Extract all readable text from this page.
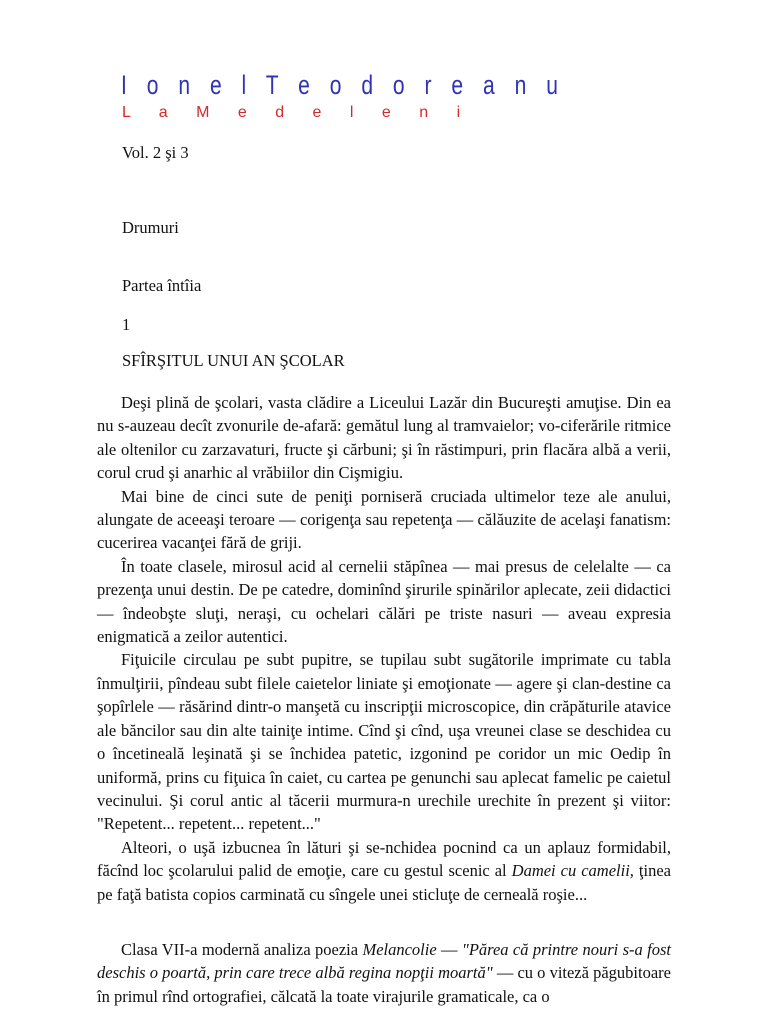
I o n e l T e o d o r e a n u
L a M e d e l e n i
Vol. 2 şi 3
Drumuri
Partea întîia
1
SFÎRŞITUL UNUI AN ŞCOLAR

Deşi plină de şcolari, vasta clădire a Liceului Lazăr din Bucureşti amuţise. Din ea nu s-auzeau decît zvonurile de-afară: gemătul lung al tramvaielor; vo-ciferările ritmice ale oltenilor cu zarzavaturi, fructe şi cărbuni; şi în răstimpuri, prin flacăra albă a verii, corul crud şi anarhic al vrăbiilor din Cişmigiu.

Mai bine de cinci sute de peniţi porniseră cruciada ultimelor teze ale anului, alungate de aceeaşi teroare — corigenţa sau repetenţa — călăuzite de acelaşi fanatism: cucerirea vacanţei fără de griji.

În toate clasele, mirosul acid al cernelii stăpînea — mai presus de celelalte — ca prezenţa unui destin. De pe catedre, dominînd şirurile spinărilor aplecate, zeii didactici — îndeobşte sluţi, neraşi, cu ochelari călări pe triste nasuri — aveau expresia enigmatică a zeilor autentici.

Fiţuicile circulau pe subt pupitre, se tupilau subt sugătorile imprimate cu tabla înmulţirii, pîndeau subt filele caietelor liniate şi emoţionate — agere şi clan-destine ca şopîrlele — răsărind dintr-o manşetă cu inscripţii microscopice, din crăpăturile atavice ale băncilor sau din alte tainiţe intime. Cînd şi cînd, uşa vreunei clase se deschidea cu o încetineală leşinată şi se închidea patetic, izgonind pe coridor un mic Oedip în uniformă, prins cu fiţuica în caiet, cu cartea pe genunchi sau aplecat famelic pe caietul vecinului. Şi corul antic al tăcerii murmura-n urechile urechite în prezent şi viitor: "Repetent... repetent... repetent..."

Alteori, o uşă izbucnea în lături şi se-nchidea pocnind ca un aplauz formidabil, făcînd loc şcolarului palid de emoţie, care cu gestul scenic al Damei cu camelii, ţinea pe faţă batista copios carminată cu sîngele unei sticluţe de cerneală roşie...

Clasa VII-a modernă analiza poezia Melancolie — "Părea că printre nouri s-a fost deschis o poartă, prin care trece albă regina nopţii moartă" — cu o viteză păgubitoare în primul rînd ortografiei, călcată la toate virajurile gramaticale, ca o
